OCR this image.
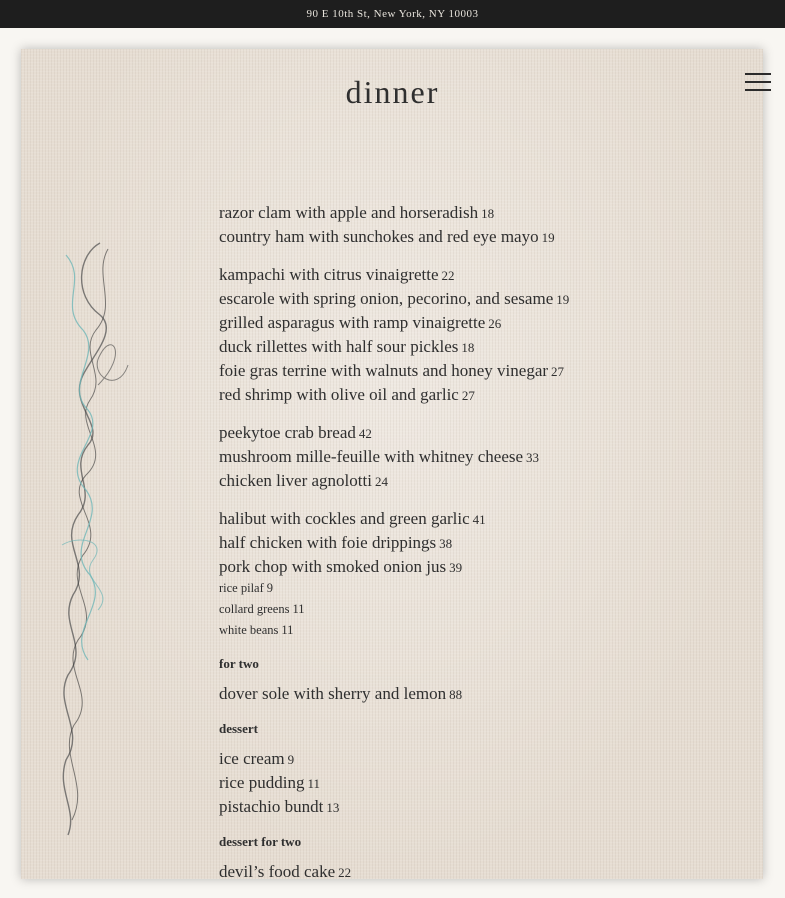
90 E 10th St, New York, NY 10003
dinner
razor clam with apple and horseradish 18
country ham with sunchokes and red eye mayo 19
kampachi with citrus vinaigrette 22
escarole with spring onion, pecorino, and sesame 19
grilled asparagus with ramp vinaigrette 26
duck rillettes with half sour pickles 18
foie gras terrine with walnuts and honey vinegar 27
red shrimp with olive oil and garlic 27
peekytoe crab bread 42
mushroom mille-feuille with whitney cheese 33
chicken liver agnolotti 24
halibut with cockles and green garlic 41
half chicken with foie drippings 38
pork chop with smoked onion jus 39
rice pilaf 9
collard greens 11
white beans 11
for two
dover sole with sherry and lemon 88
dessert
ice cream 9
rice pudding 11
pistachio bundt 13
dessert for two
devil’s food cake 22
